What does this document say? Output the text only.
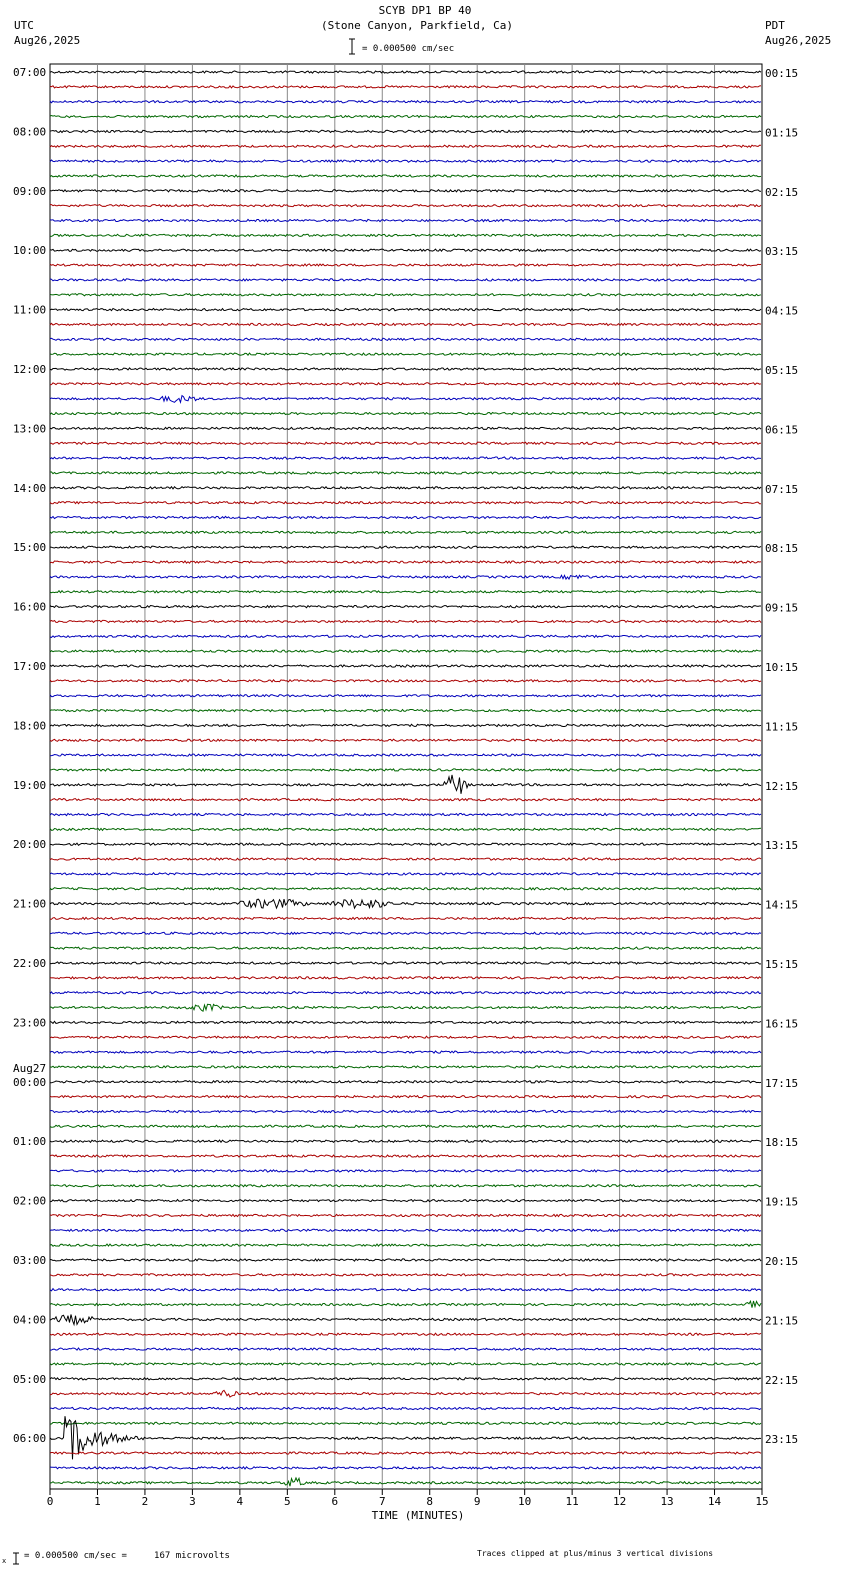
SCYB DP1 BP 40
(Stone Canyon, Parkfield, Ca)
UTC
Aug26,2025
PDT
Aug26,2025
= 0.000500 cm/sec
07:00
08:00
09:00
10:00
11:00
12:00
13:00
14:00
15:00
16:00
17:00
18:00
19:00
20:00
21:00
22:00
23:00
00:00
Aug27
01:00
02:00
03:00
04:00
05:00
06:00
00:15
01:15
02:15
03:15
04:15
05:15
06:15
07:15
08:15
09:15
10:15
11:15
12:15
13:15
14:15
15:15
16:15
17:15
18:15
19:15
20:15
21:15
22:15
23:15
0	1	2	3	4	5	6	7	8	9	10	11	12	13	14	15
TIME (MINUTES)
x = 0.000500 cm/sec =     167 microvolts	Traces clipped at plus/minus 3 vertical divisions
